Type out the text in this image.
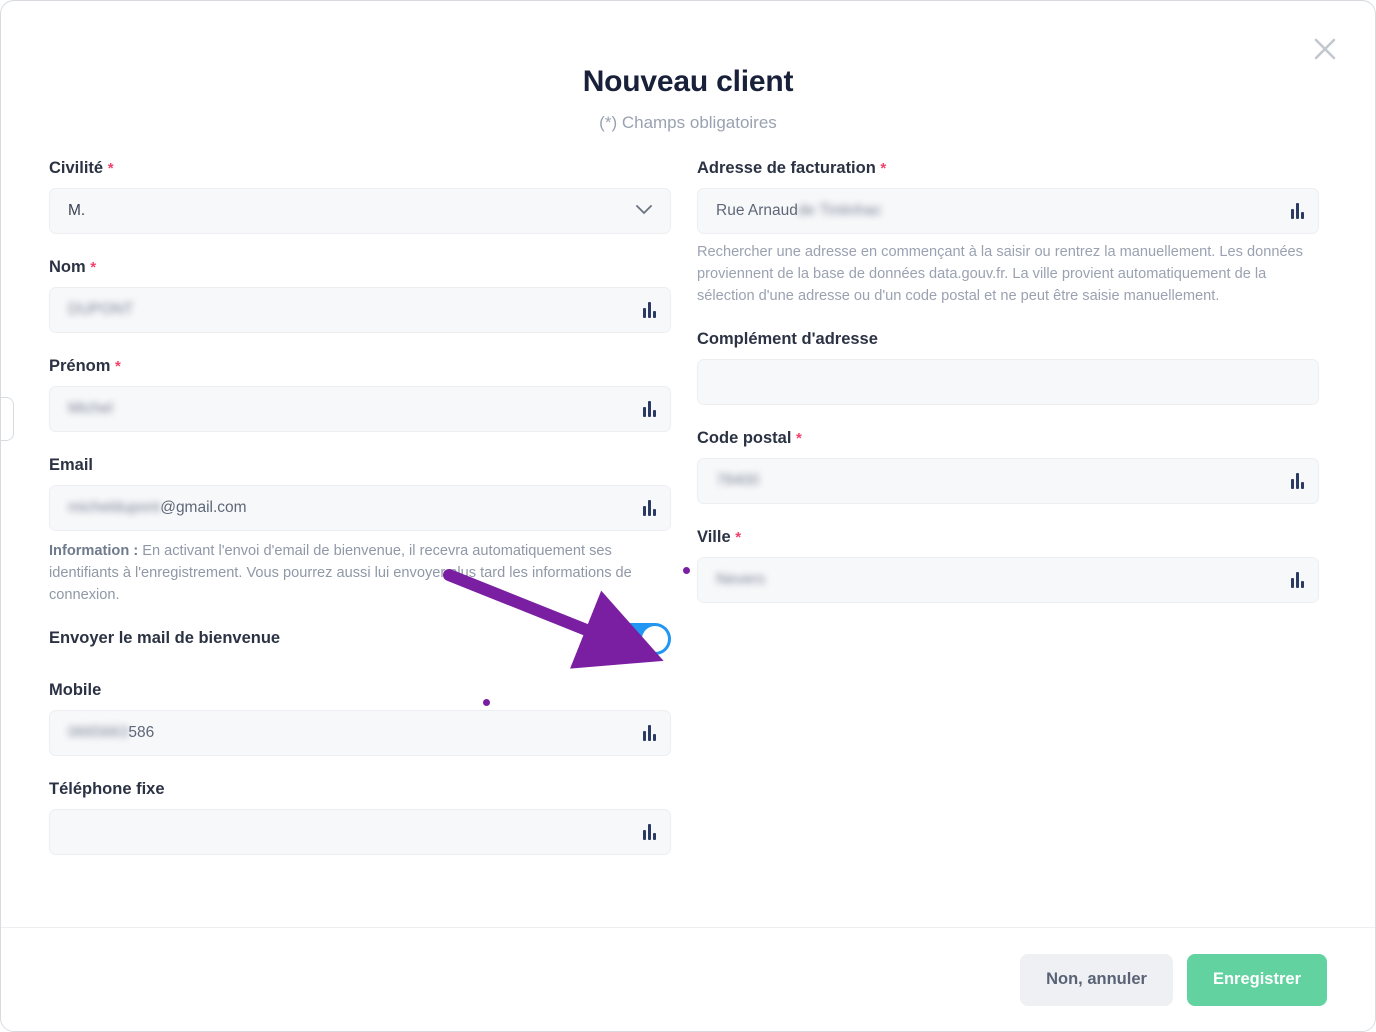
Nouveau client
(*) Champs obligatoires
Civilité *
M.
Nom *
DUPONT
Prénom *
Michel
Email
micheldupont @gmail.com
Information : En activant l'envoi d'email de bienvenue, il recevra automatiquement ses identifiants à l'enregistrement. Vous pourrez aussi lui envoyer plus tard les informations de connexion.
Envoyer le mail de bienvenue
Mobile
0665663 586
Téléphone fixe
Adresse de facturation *
Rue Arnaud de Tintinhac
Rechercher une adresse en commençant à la saisir ou rentrez la manuellement. Les données proviennent de la base de données data.gouv.fr. La ville provient automatiquement de la sélection d'une adresse ou d'un code postal et ne peut être saisie manuellement.
Complément d'adresse
Code postal *
78400
Ville *
Nevers
Non, annuler	Enregistrer
